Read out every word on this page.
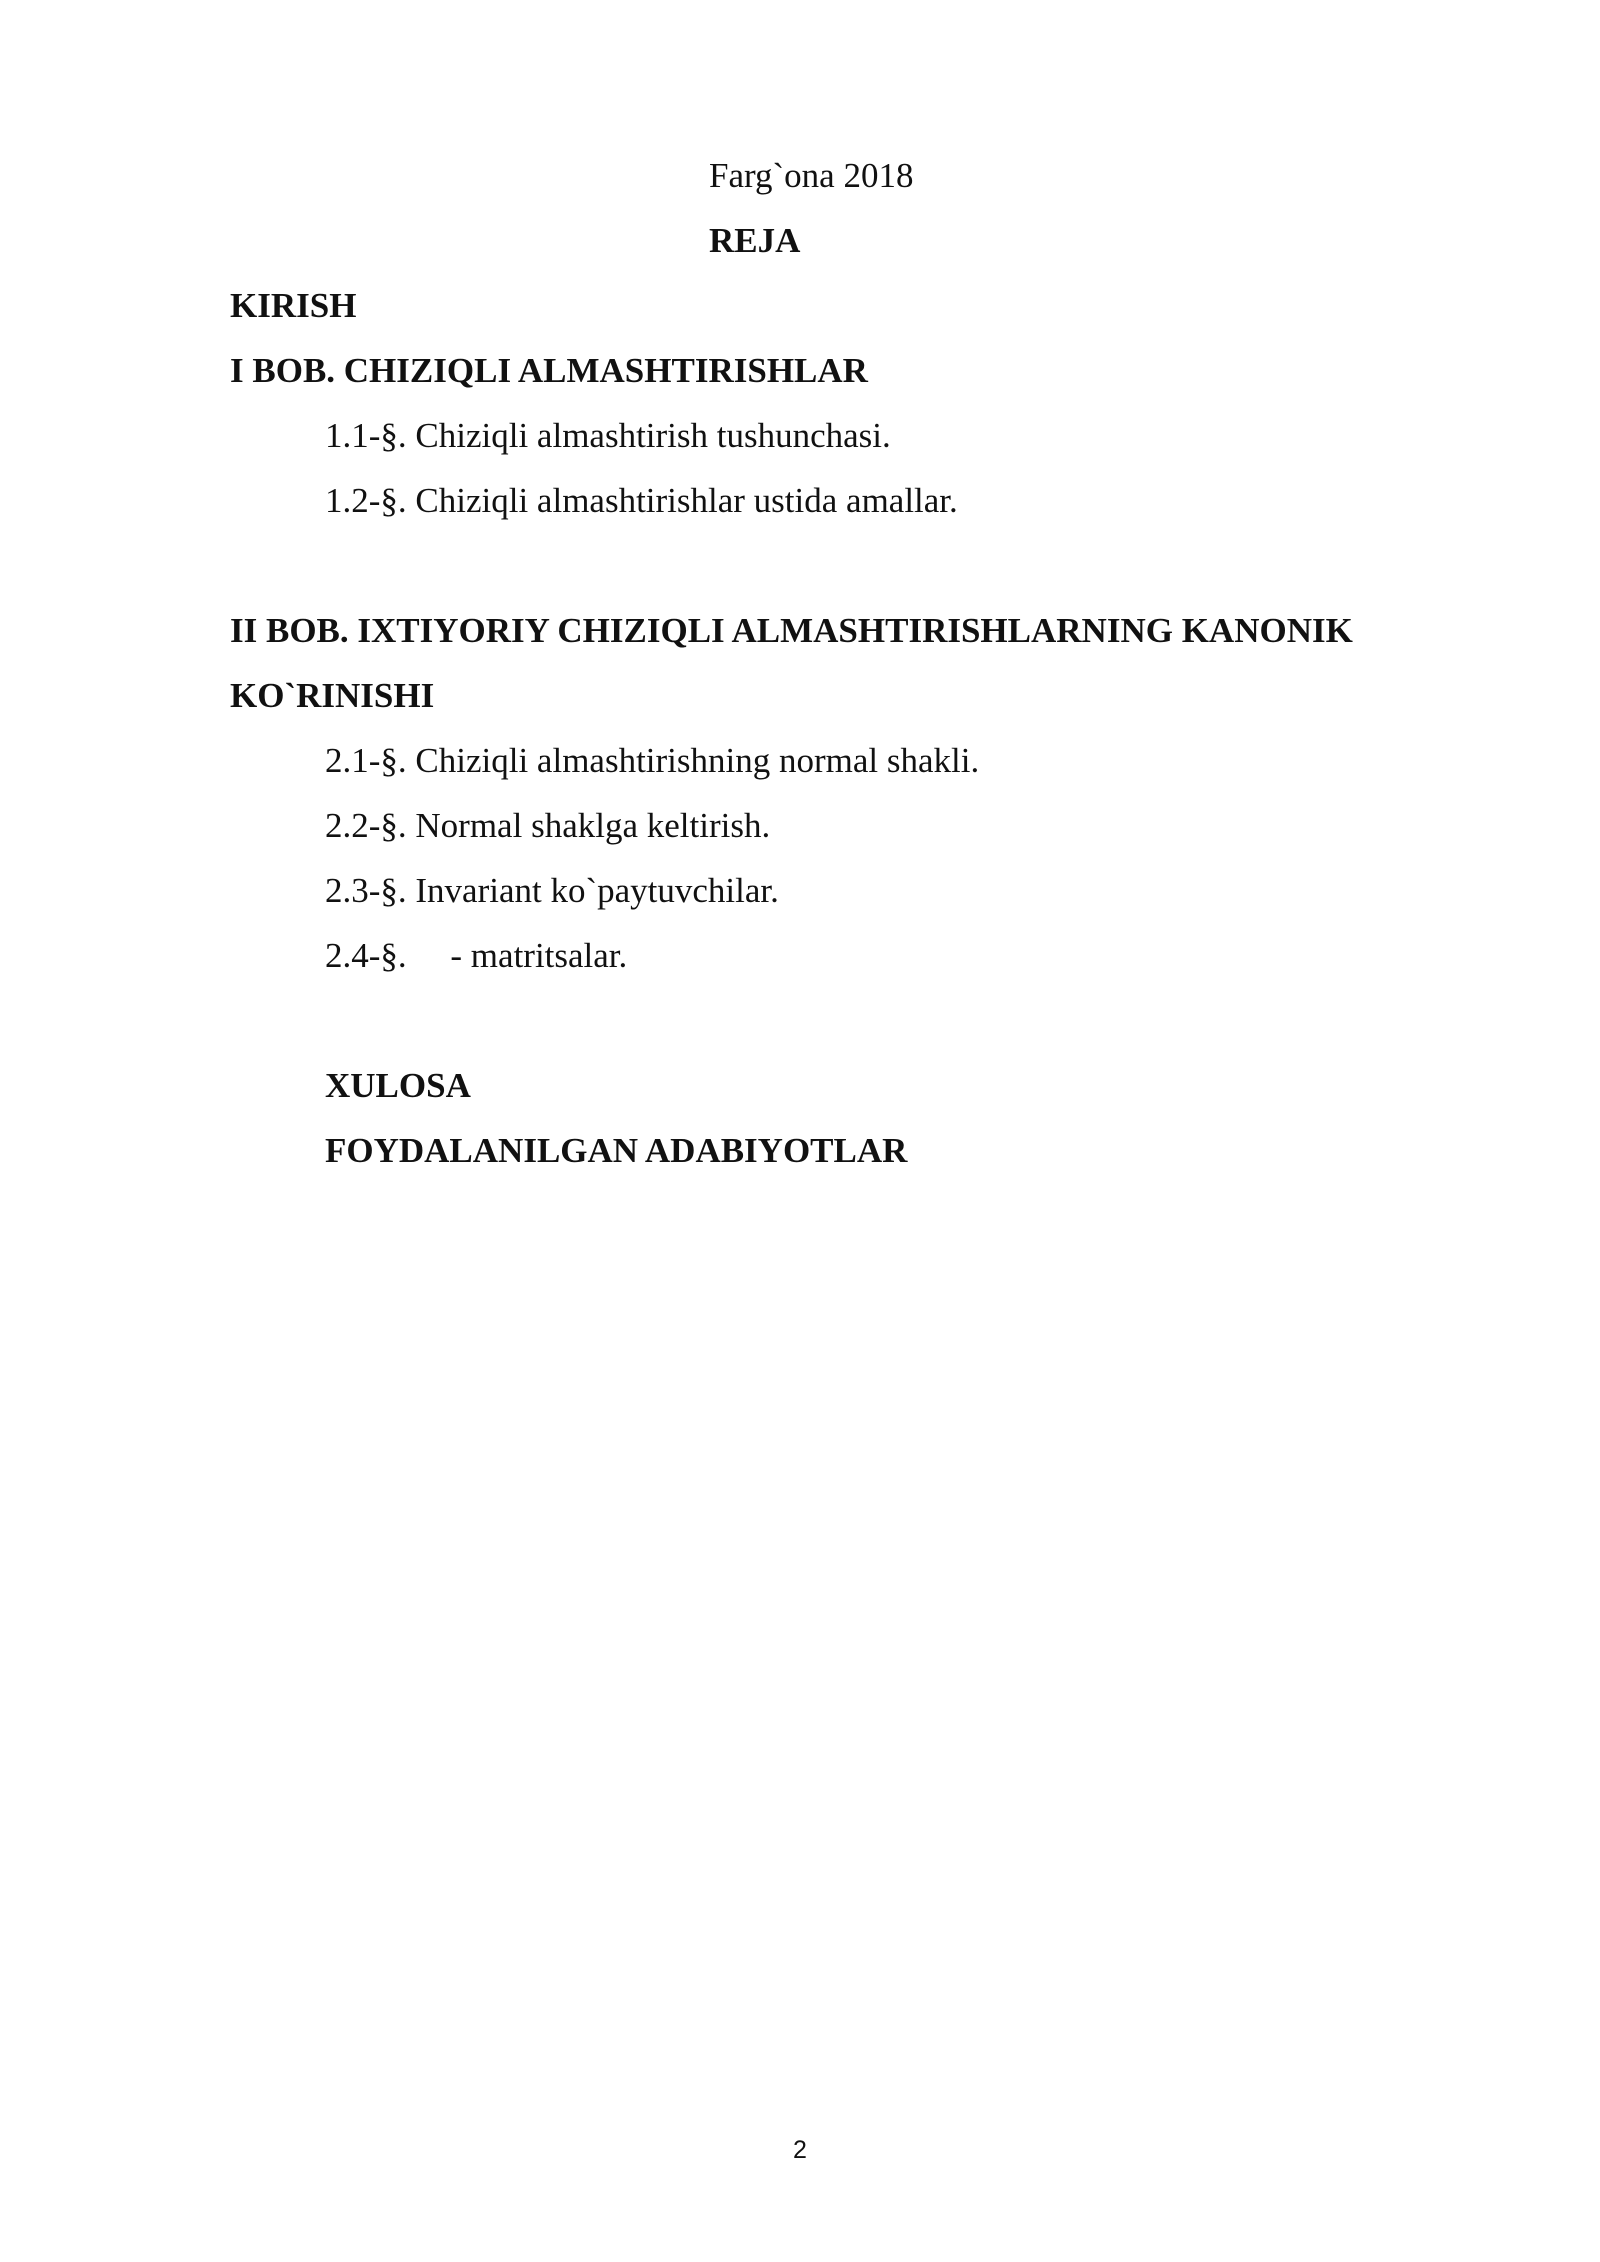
Farg`ona 2018
REJA
KIRISH
I BOB. CHIZIQLI ALMASHTIRISHLAR
1.1-§. Chiziqli almashtirish tushunchasi.
1.2-§. Chiziqli almashtirishlar ustida amallar.
II BOB. IXTIYORIY CHIZIQLI ALMASHTIRISHLARNING KANONIK
KO`RINISHI
2.1-§. Chiziqli almashtirishning normal shakli.
2.2-§. Normal shaklga keltirish.
2.3-§. Invariant ko`paytuvchilar.
2.4-§.     - matritsalar.
XULOSA
FOYDALANILGAN ADABIYOTLAR
2
